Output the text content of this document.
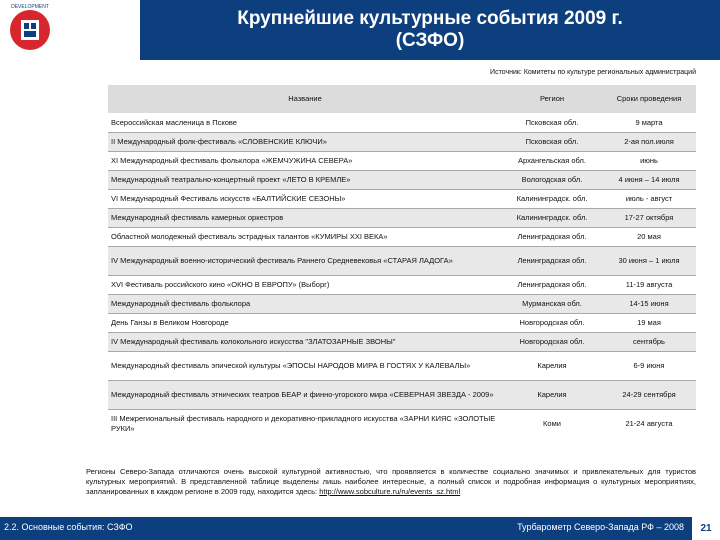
DEVELOPMENT
Крупнейшие культурные события 2009 г.
(СЗФО)
Источник: Комитеты по культуре региональных администраций
Название	Регион	Сроки проведения
Всероссийская масленица в Пскове	Псковская обл.	9 марта
II Международный фолк-фестиваль «СЛОВЕНСКИЕ КЛЮЧИ»	Псковская обл.	2-ая пол.июля
XI Международный фестиваль фольклора «ЖЕМЧУЖИНА СЕВЕРА»	Архангельская обл.	июнь
Международный театрально-концертный проект «ЛЕТО В КРЕМЛЕ»	Вологодская обл.	4 июня – 14 июля
VI Международный Фестиваль искусств «БАЛТИЙСКИЕ СЕЗОНЫ»	Калининградск. обл.	июль - август
Международный фестиваль камерных оркестров	Калининградск. обл.	17-27 октября
Областной молодежный фестиваль эстрадных талантов «КУМИРЫ XXI ВЕКА»	Ленинградская обл.	20 мая
IV Международный военно-исторический фестиваль Раннего Средневековья «СТАРАЯ ЛАДОГА»	Ленинградская обл.	30 июня – 1 июля
XVI Фестиваль российского кино «ОКНО В ЕВРОПУ» (Выборг)	Ленинградская обл.	11-19 августа
Международный фестиваль фольклора	Мурманская обл.	14-15 июня
День Ганзы в Великом Новгороде	Новгородская обл.	19 мая
IV Международный фестиваль колокольного искусства "ЗЛАТОЗАРНЫЕ ЗВОНЫ"	Новгородская обл.	сентябрь
Международный фестиваль эпической культуры «ЭПОСЫ НАРОДОВ МИРА В ГОСТЯХ У КАЛЕВАЛЫ»	Карелия	6-9 июня
Международный фестиваль этнических театров БЕАР и финно-угорского мира «СЕВЕРНАЯ ЗВЕЗДА - 2009»	Карелия	24-29 сентября
III Межрегиональный фестиваль народного и декоративно-прикладного искусства «ЗАРНИ КИЯС «ЗОЛОТЫЕ РУКИ»	Коми	21-24 августа
Регионы Северо-Запада отличаются очень высокой культурной активностью, что проявляется в количестве социально значимых и привлекательных для туристов культурных мероприятий. В представленной таблице выделены лишь наиболее интересные, а полный список и подробная информация о культурных мероприятиях, запланированных в каждом регионе в 2009 году, находится здесь: http://www.sobculture.ru/ru/events_sz.html
2.2. Основные события: СЗФО	Турбарометр Северо-Запада РФ – 2008	21
